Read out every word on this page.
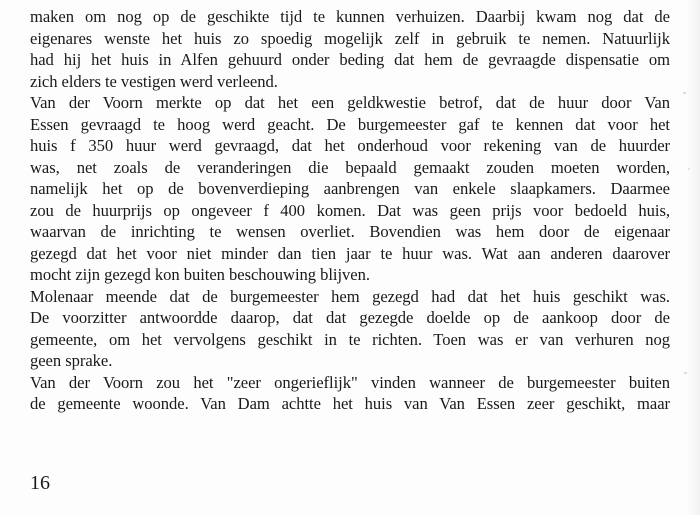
maken om nog op de geschikte tijd te kunnen verhuizen. Daarbij kwam nog dat de
eigenares wenste het huis zo spoedig mogelijk zelf in gebruik te nemen. Natuurlijk
had hij het huis in Alfen gehuurd onder beding dat hem de gevraagde dispensatie om
zich elders te vestigen werd verleend.
Van der Voorn merkte op dat het een geldkwestie betrof, dat de huur door Van
Essen gevraagd te hoog werd geacht. De burgemeester gaf te kennen dat voor het
huis f 350 huur werd gevraagd, dat het onderhoud voor rekening van de huurder
was, net zoals de veranderingen die bepaald gemaakt zouden moeten worden,
namelijk het op de bovenverdieping aanbrengen van enkele slaapkamers. Daarmee
zou de huurprijs op ongeveer f 400 komen. Dat was geen prijs voor bedoeld huis,
waarvan de inrichting te wensen overliet. Bovendien was hem door de eigenaar
gezegd dat het voor niet minder dan tien jaar te huur was. Wat aan anderen daarover
mocht zijn gezegd kon buiten beschouwing blijven.
Molenaar meende dat de burgemeester hem gezegd had dat het huis geschikt was.
De voorzitter antwoordde daarop, dat dat gezegde doelde op de aankoop door de
gemeente, om het vervolgens geschikt in te richten. Toen was er van verhuren nog
geen sprake.
Van der Voorn zou het "zeer ongerieflijk" vinden wanneer de burgemeester buiten
de gemeente woonde. Van Dam achtte het huis van Van Essen zeer geschikt, maar
16
